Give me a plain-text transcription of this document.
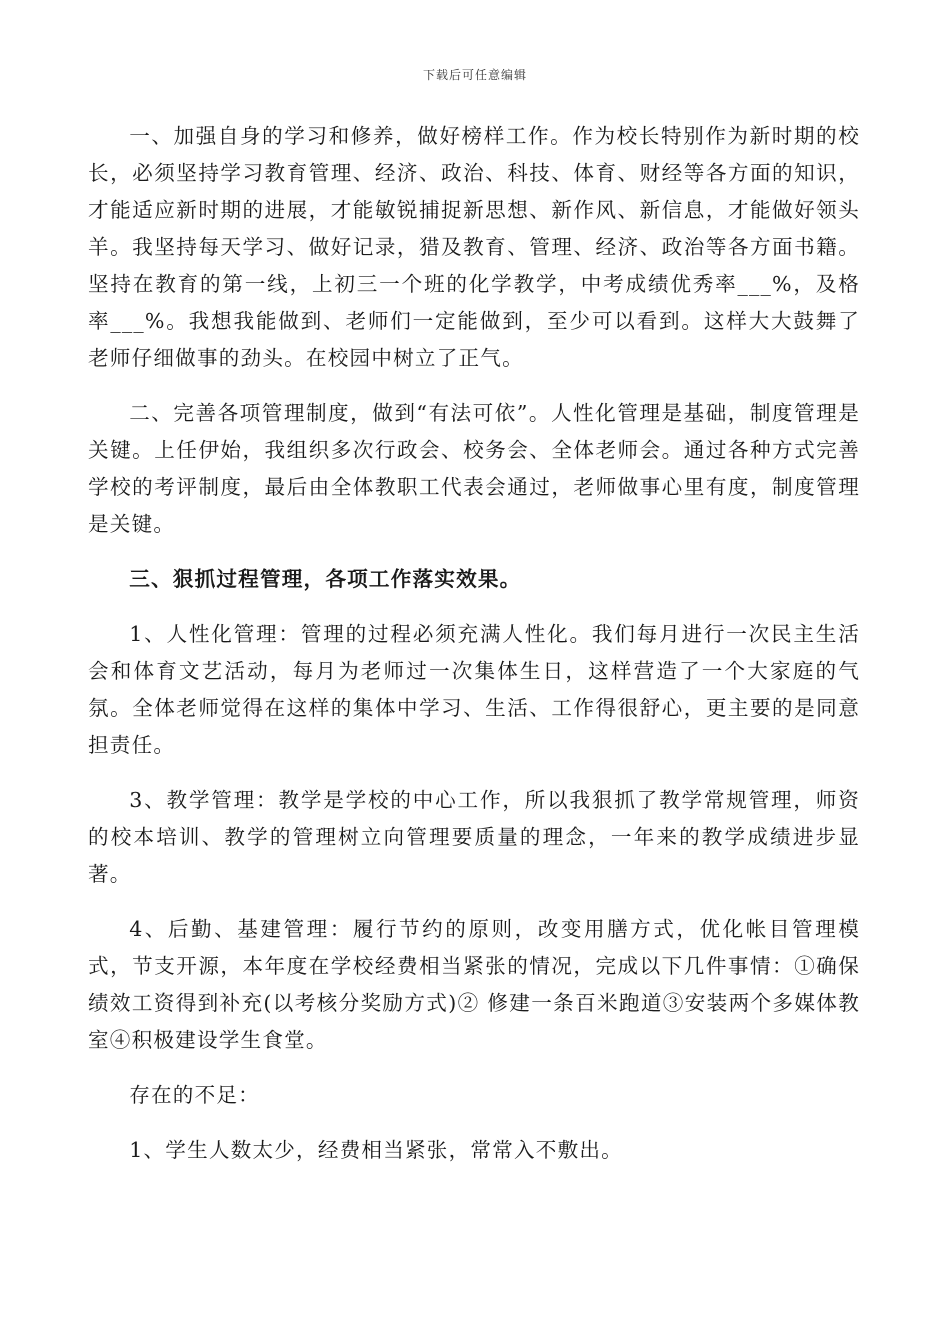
下载后可任意编辑

一、加强自身的学习和修养，做好榜样工作。作为校长特别作为新时期的校长，必须坚持学习教育管理、经济、政治、科技、体育、财经等各方面的知识，才能适应新时期的进展，才能敏锐捕捉新思想、新作风、新信息，才能做好领头羊。我坚持每天学习、做好记录，猎及教育、管理、经济、政治等各方面书籍。坚持在教育的第一线，上初三一个班的化学教学，中考成绩优秀率___%，及格率___%。我想我能做到、老师们一定能做到，至少可以看到。这样大大鼓舞了老师仔细做事的劲头。在校园中树立了正气。

二、完善各项管理制度，做到“有法可依”。人性化管理是基础，制度管理是关键。上任伊始，我组织多次行政会、校务会、全体老师会。通过各种方式完善学校的考评制度，最后由全体教职工代表会通过，老师做事心里有度，制度管理是关键。

三、狠抓过程管理，各项工作落实效果。

1、人性化管理：管理的过程必须充满人性化。我们每月进行一次民主生活会和体育文艺活动，每月为老师过一次集体生日，这样营造了一个大家庭的气氛。全体老师觉得在这样的集体中学习、生活、工作得很舒心，更主要的是同意担责任。

3、教学管理：教学是学校的中心工作，所以我狠抓了教学常规管理，师资的校本培训、教学的管理树立向管理要质量的理念，一年来的教学成绩进步显著。

4、后勤、基建管理：履行节约的原则，改变用膳方式，优化帐目管理模式，节支开源，本年度在学校经费相当紧张的情况，完成以下几件事情：①确保绩效工资得到补充(以考核分奖励方式)② 修建一条百米跑道③安装两个多媒体教室④积极建设学生食堂。

存在的不足：

1、学生人数太少，经费相当紧张，常常入不敷出。
